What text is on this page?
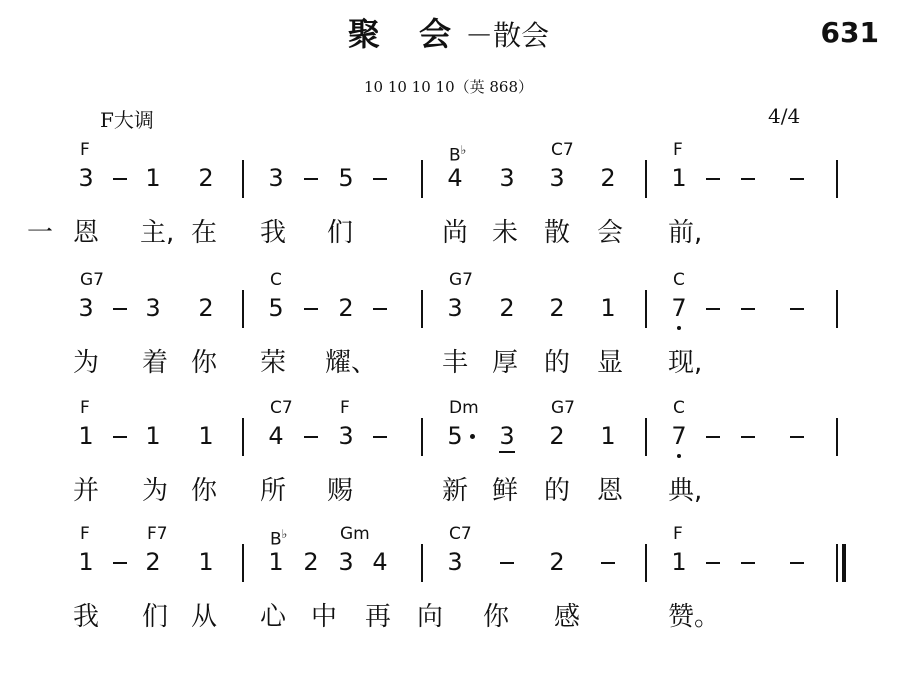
聚 会－散会	631
10 10 10 10（英 868）
F大调	4/4
F	B♭	C7	F
3 1 2 3 5	4 3 3 2 1
一 恩 主, 在 我 们	尚 未 散 会 前,
G7	C	G7	C
3 3 2 5 2	3 2 2 1 7
为 着 你 荣 耀、 丰 厚 的 显 现,
F	C7	F	Dm	G7	C
1 1 1 4 3	5 3 2 1 7
并 为 你 所 赐	新 鲜 的 恩 典,
F	F7	B♭	Gm	C7	F
1 2 1 1 2 3 4 3	2	1
我 们 从 心 中 再 向 你 感	赞。
